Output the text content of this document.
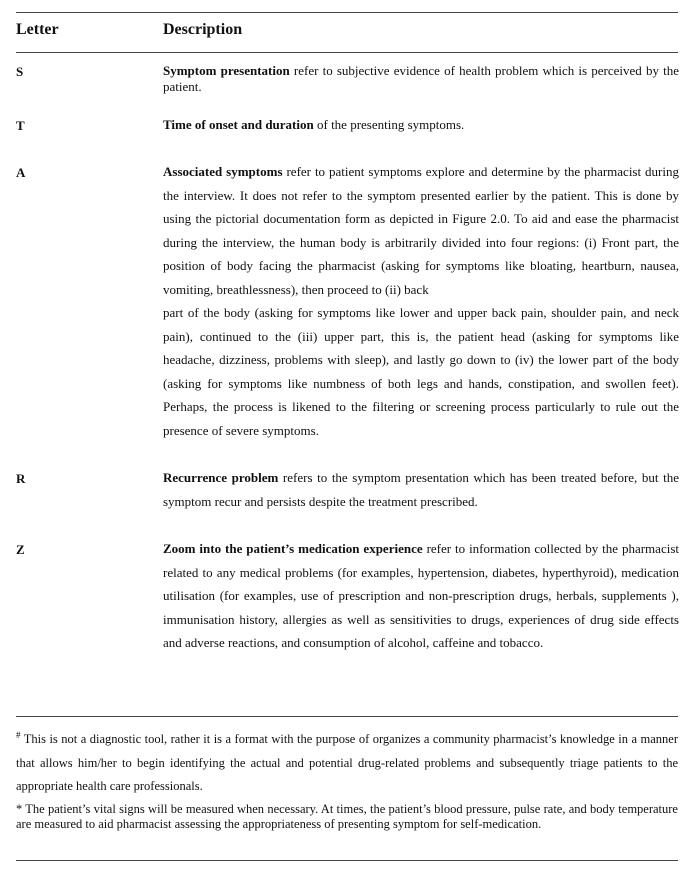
Letter	Description
S	Symptom presentation refer to subjective evidence of health problem which is perceived by the patient.
T	Time of onset and duration of the presenting symptoms.
A	Associated symptoms refer to patient symptoms explore and determine by the pharmacist during the interview. It does not refer to the symptom presented earlier by the patient. This is done by using the pictorial documentation form as depicted in Figure 2.0. To aid and ease the pharmacist during the interview, the human body is arbitrarily divided into four regions: (i) Front part, the position of body facing the pharmacist (asking for symptoms like bloating, heartburn, nausea, vomiting, breathlessness), then proceed to (ii) back
part of the body (asking for symptoms like lower and upper back pain, shoulder pain, and neck pain), continued to the (iii) upper part, this is, the patient head (asking for symptoms like headache, dizziness, problems with sleep), and lastly go down to (iv) the lower part of the body (asking for symptoms like numbness of both legs and hands, constipation, and swollen feet). Perhaps, the process is likened to the filtering or screening process particularly to rule out the presence of severe symptoms.
R	Recurrence problem refers to the symptom presentation which has been treated before, but the symptom recur and persists despite the treatment prescribed.
Z	Zoom into the patient’s medication experience refer to information collected by the pharmacist related to any medical problems (for examples, hypertension, diabetes, hyperthyroid), medication utilisation (for examples, use of prescription and non-prescription drugs, herbals, supplements ), immunisation history, allergies as well as sensitivities to drugs, experiences of drug side effects and adverse reactions, and consumption of alcohol, caffeine and tobacco.
# This is not a diagnostic tool, rather it is a format with the purpose of organizes a community pharmacist’s knowledge in a manner that allows him/her to begin identifying the actual and potential drug-related problems and subsequently triage patients to the appropriate health care professionals.
* The patient’s vital signs will be measured when necessary. At times, the patient’s blood pressure, pulse rate, and body temperature are measured to aid pharmacist assessing the appropriateness of presenting symptom for self-medication.
